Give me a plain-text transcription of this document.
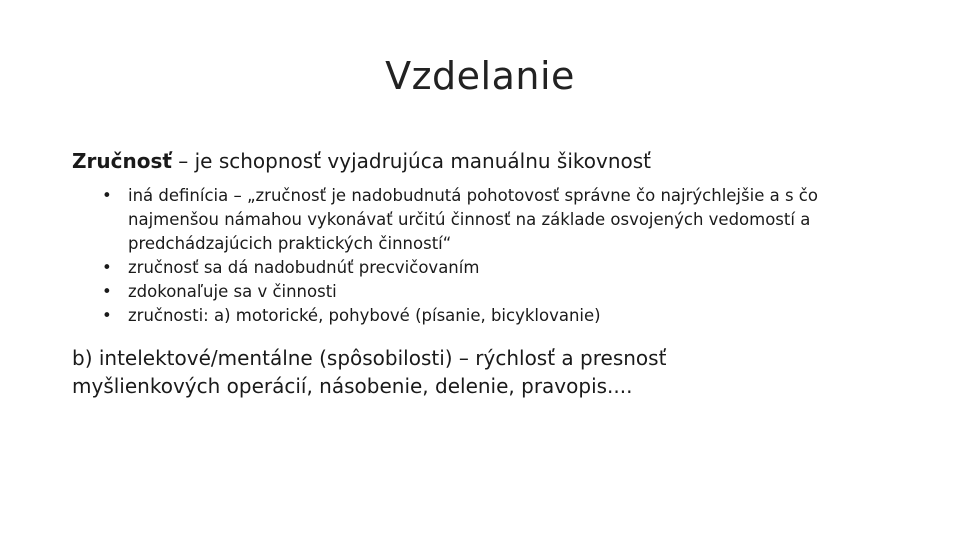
Vzdelanie

Zručnosť – je schopnosť vyjadrujúca manuálnu šikovnosť

• iná definícia – „zručnosť je nadobudnutá pohotovosť správne čo najrýchlejšie a s čo najmenšou námahou vykonávať určitú činnosť na základe osvojených vedomostí a predchádzajúcich praktických činností“
• zručnosť sa dá nadobudnúť precvičovaním
• zdokonaľuje sa v činnosti
• zručnosti: a) motorické, pohybové (písanie, bicyklovanie)

b) intelektové/mentálne (spôsobilosti) – rýchlosť a presnosť myšlienkových operácií, násobenie, delenie, pravopis....
